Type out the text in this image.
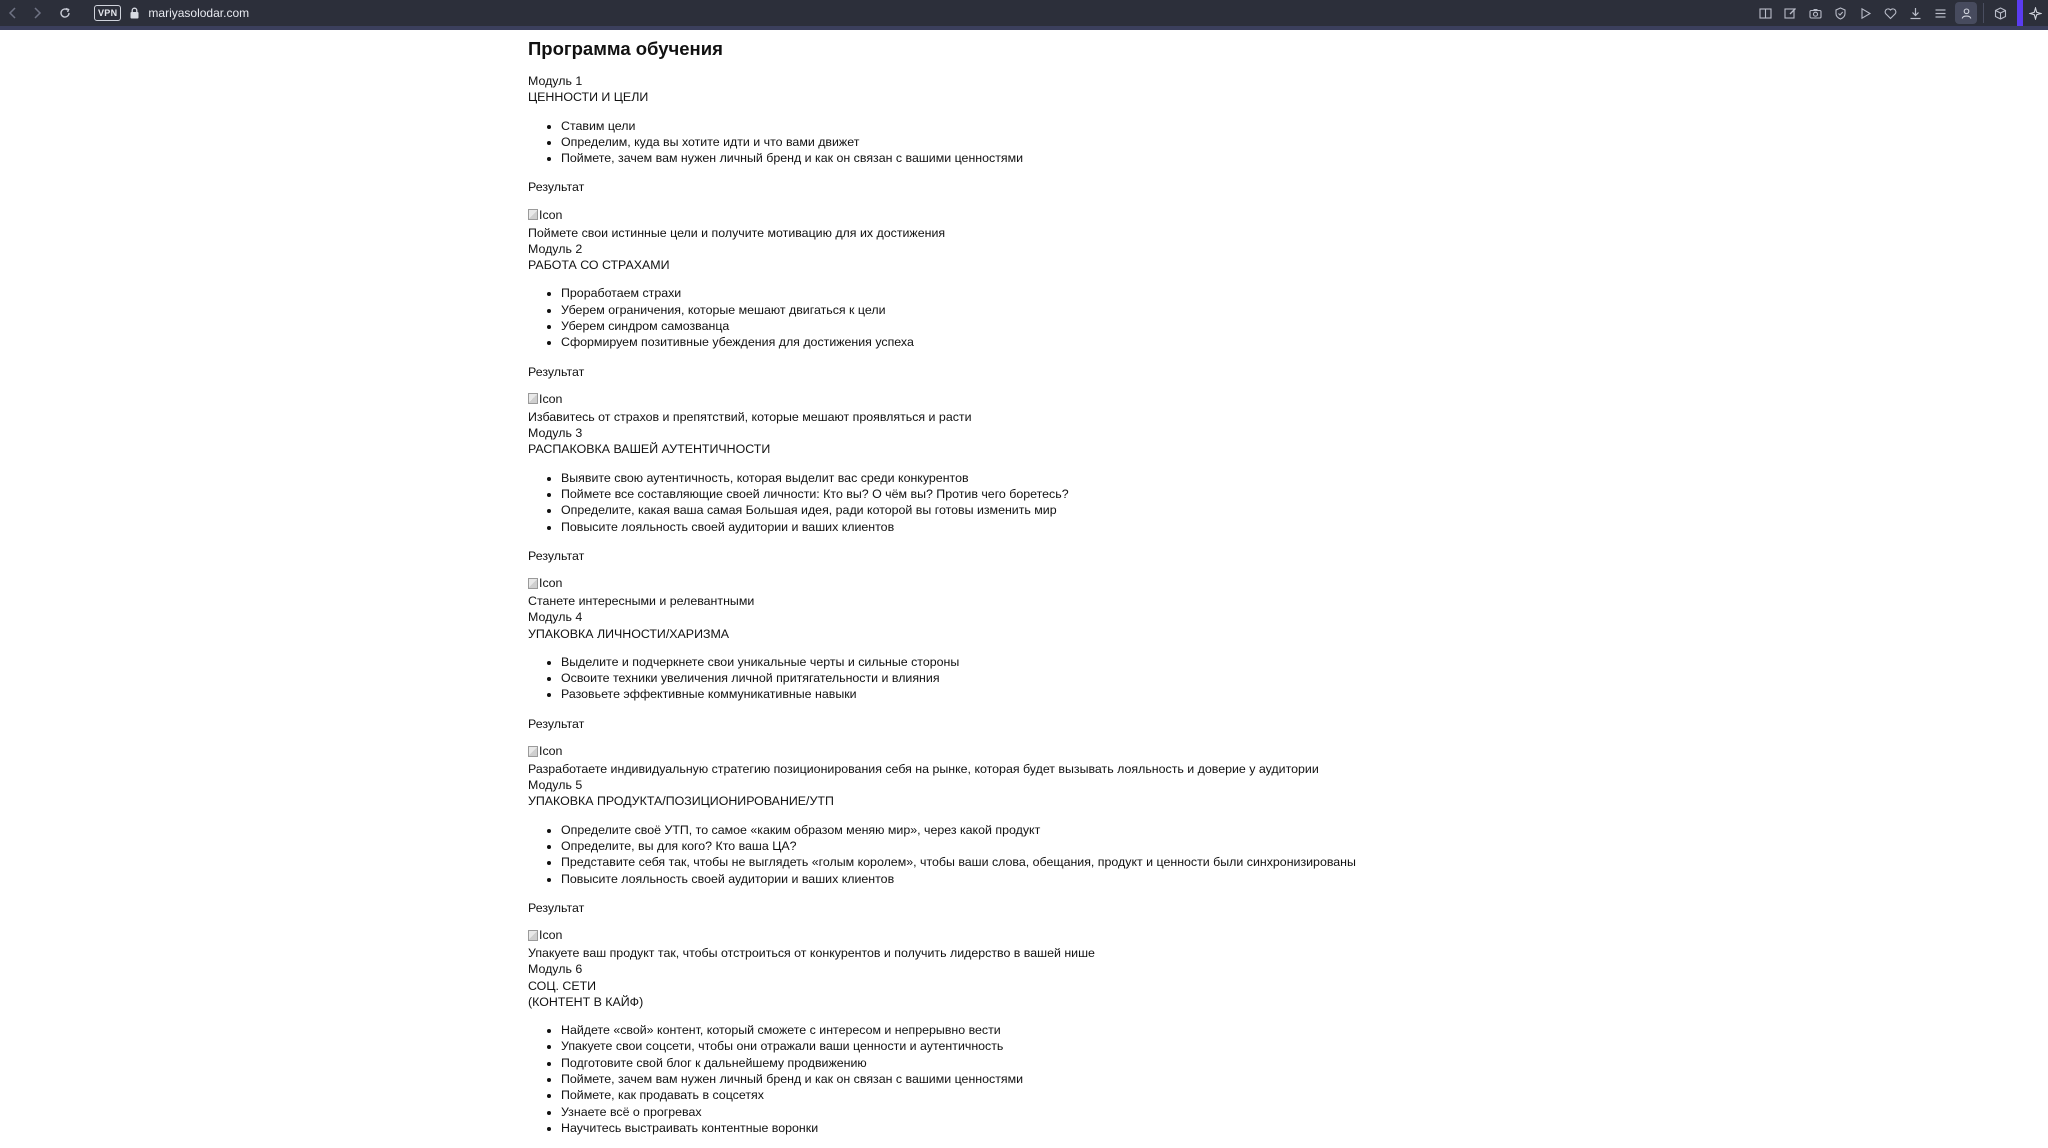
VPN	mariyasolodar.com
Программа обучения
Модуль 1
ЦЕННОСТИ И ЦЕЛИ
• Ставим цели
• Определим, куда вы хотите идти и что вами движет
• Поймете, зачем вам нужен личный бренд и как он связан с вашими ценностями
Результат
Icon
Поймете свои истинные цели и получите мотивацию для их достижения
Модуль 2
РАБОТА СО СТРАХАМИ
• Проработаем страхи
• Уберем ограничения, которые мешают двигаться к цели
• Уберем синдром самозванца
• Сформируем позитивные убеждения для достижения успеха
Результат
Icon
Избавитесь от страхов и препятствий, которые мешают проявляться и расти
Модуль 3
РАСПАКОВКА ВАШЕЙ АУТЕНТИЧНОСТИ
• Выявите свою аутентичность, которая выделит вас среди конкурентов
• Поймете все составляющие своей личности: Кто вы? О чём вы? Против чего боретесь?
• Определите, какая ваша самая Большая идея, ради которой вы готовы изменить мир
• Повысите лояльность своей аудитории и ваших клиентов
Результат
Icon
Станете интересными и релевантными
Модуль 4
УПАКОВКА ЛИЧНОСТИ/ХАРИЗМА
• Выделите и подчеркнете свои уникальные черты и сильные стороны
• Освоите техники увеличения личной притягательности и влияния
• Разовьете эффективные коммуникативные навыки
Результат
Icon
Разработаете индивидуальную стратегию позиционирования себя на рынке, которая будет вызывать лояльность и доверие у аудитории
Модуль 5
УПАКОВКА ПРОДУКТА/ПОЗИЦИОНИРОВАНИЕ/УТП
• Определите своё УТП, то самое «каким образом меняю мир», через какой продукт
• Определите, вы для кого? Кто ваша ЦА?
• Представите себя так, чтобы не выглядеть «голым королем», чтобы ваши слова, обещания, продукт и ценности были синхронизированы
• Повысите лояльность своей аудитории и ваших клиентов
Результат
Icon
Упакуете ваш продукт так, чтобы отстроиться от конкурентов и получить лидерство в вашей нише
Модуль 6
СОЦ. СЕТИ
(КОНТЕНТ В КАЙФ)
• Найдете «свой» контент, который сможете с интересом и непрерывно вести
• Упакуете свои соцсети, чтобы они отражали ваши ценности и аутентичность
• Подготовите свой блог к дальнейшему продвижению
• Поймете, зачем вам нужен личный бренд и как он связан с вашими ценностями
• Поймете, как продавать в соцсетях
• Узнаете всё о прогревах
• Научитесь выстраивать контентные воронки
